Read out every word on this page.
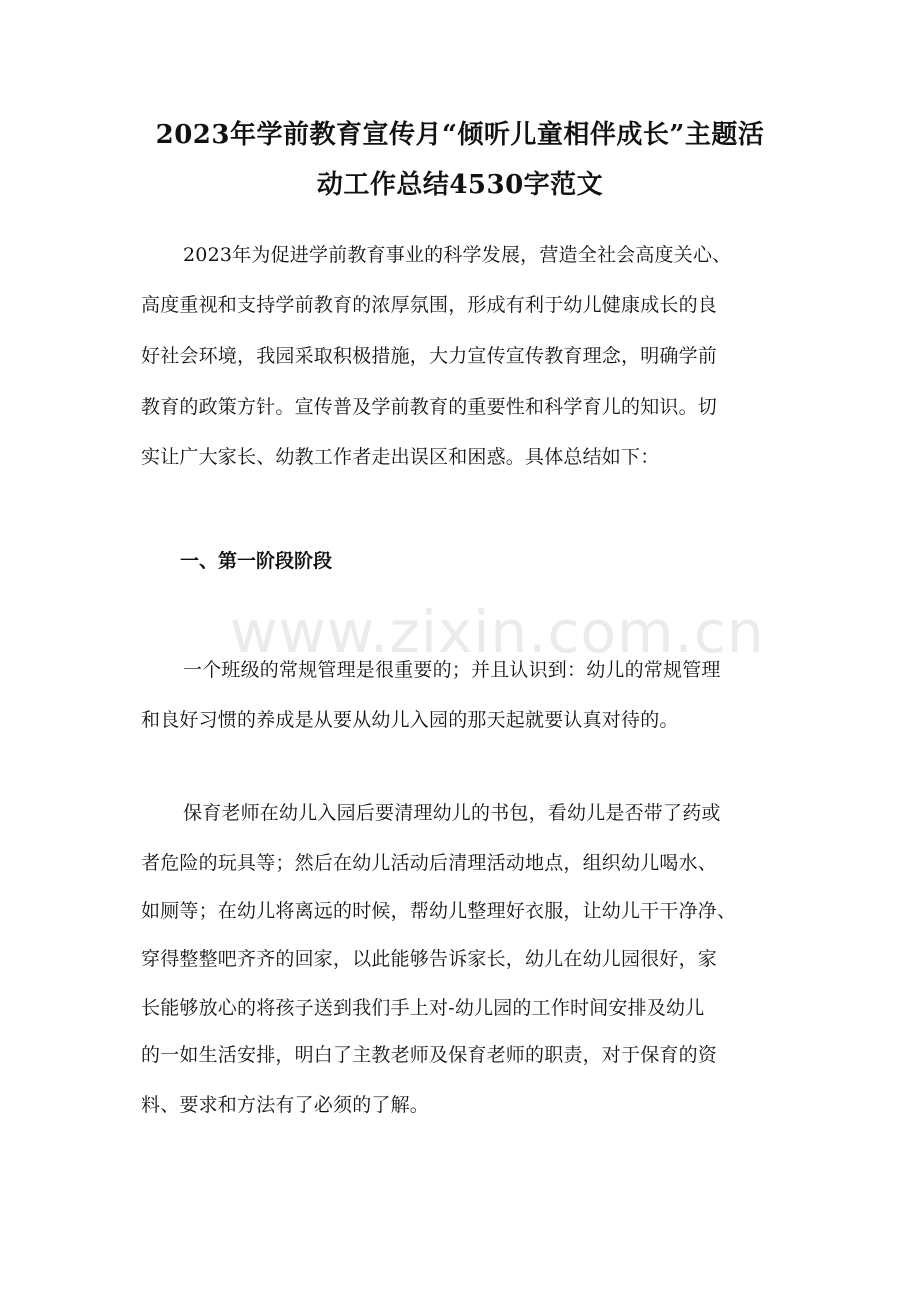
www.zixin.com.cn
2023年学前教育宣传月“倾听儿童相伴成长”主题活
动工作总结4530字范文
2023年为促进学前教育事业的科学发展，营造全社会高度关心、
高度重视和支持学前教育的浓厚氛围，形成有利于幼儿健康成长的良
好社会环境，我园采取积极措施，大力宣传宣传教育理念，明确学前
教育的政策方针。宣传普及学前教育的重要性和科学育儿的知识。切
实让广大家长、幼教工作者走出误区和困惑。具体总结如下：
一、第一阶段阶段
一个班级的常规管理是很重要的；并且认识到：幼儿的常规管理
和良好习惯的养成是从要从幼儿入园的那天起就要认真对待的。
保育老师在幼儿入园后要清理幼儿的书包，看幼儿是否带了药或
者危险的玩具等；然后在幼儿活动后清理活动地点，组织幼儿喝水、
如厕等；在幼儿将离远的时候，帮幼儿整理好衣服，让幼儿干干净净、
穿得整整吧齐齐的回家，以此能够告诉家长，幼儿在幼儿园很好，家
长能够放心的将孩子送到我们手上对-幼儿园的工作时间安排及幼儿
的一如生活安排，明白了主教老师及保育老师的职责，对于保育的资
料、要求和方法有了必须的了解。
